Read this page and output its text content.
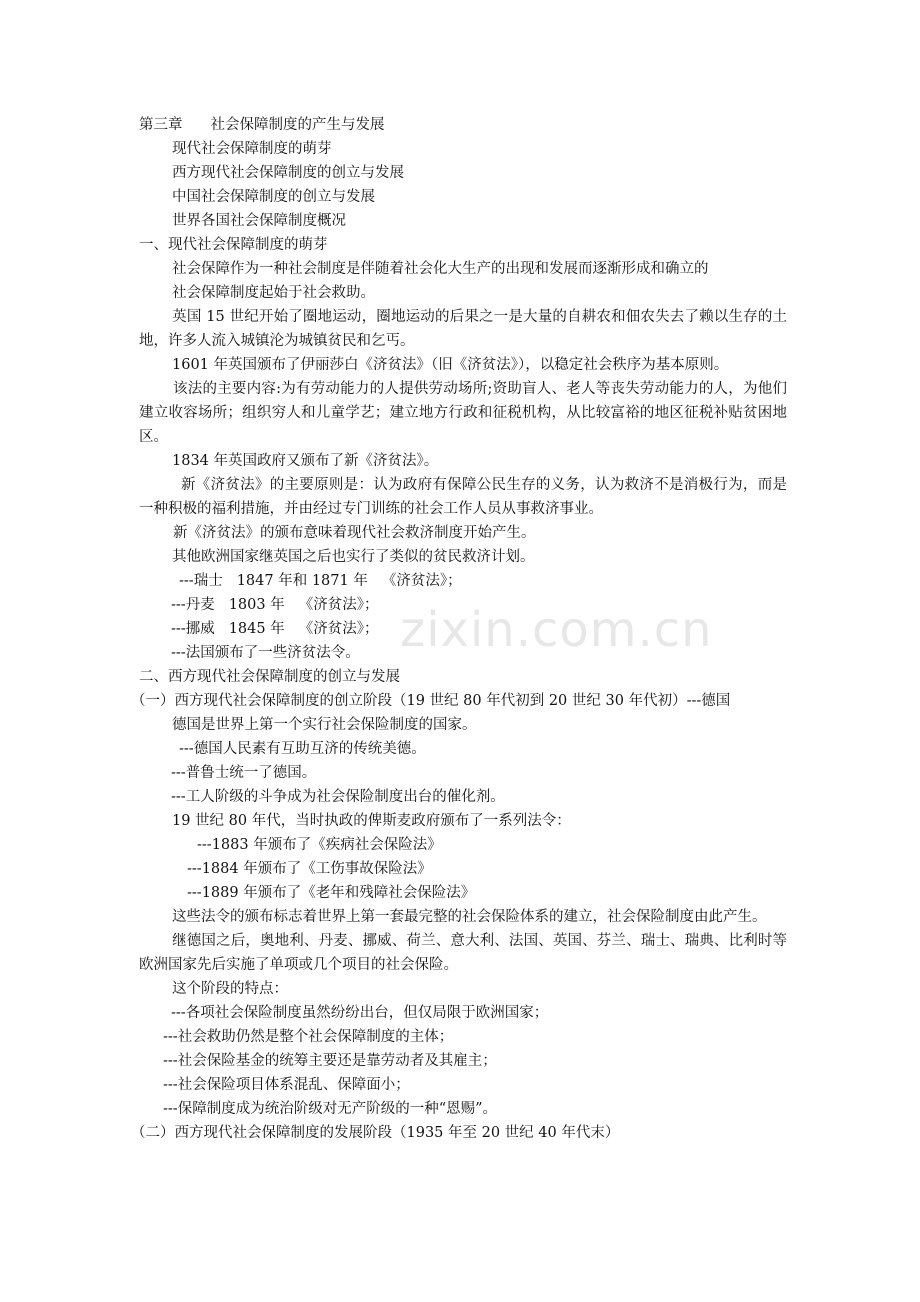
第三章 社会保障制度的产生与发展
现代社会保障制度的萌芽
西方现代社会保障制度的创立与发展
中国社会保障制度的创立与发展
世界各国社会保障制度概况
一、现代社会保障制度的萌芽
社会保障作为一种社会制度是伴随着社会化大生产的出现和发展而逐渐形成和确立的
社会保障制度起始于社会救助。
英国 15 世纪开始了圈地运动，圈地运动的后果之一是大量的自耕农和佃农失去了赖以生存的土地，许多人流入城镇沦为城镇贫民和乞丐。
1601 年英国颁布了伊丽莎白《济贫法》（旧《济贫法》），以稳定社会秩序为基本原则。
该法的主要内容:为有劳动能力的人提供劳动场所;资助盲人、老人等丧失劳动能力的人，为他们建立收容场所；组织穷人和儿童学艺；建立地方行政和征税机构，从比较富裕的地区征税补贴贫困地区。
1834 年英国政府又颁布了新《济贫法》。
新《济贫法》的主要原则是：认为政府有保障公民生存的义务，认为救济不是消极行为，而是一种积极的福利措施，并由经过专门训练的社会工作人员从事救济事业。
新《济贫法》的颁布意味着现代社会救济制度开始产生。
其他欧洲国家继英国之后也实行了类似的贫民救济计划。
---瑞士 1847 年和 1871 年 《济贫法》；
---丹麦 1803 年 《济贫法》；
---挪威 1845 年 《济贫法》；
---法国颁布了一些济贫法令。
二、西方现代社会保障制度的创立与发展
（一）西方现代社会保障制度的创立阶段（19 世纪 80 年代初到 20 世纪 30 年代初）---德国
德国是世界上第一个实行社会保险制度的国家。
---德国人民素有互助互济的传统美德。
---普鲁士统一了德国。
---工人阶级的斗争成为社会保险制度出台的催化剂。
19 世纪 80 年代，当时执政的俾斯麦政府颁布了一系列法令：
---1883 年颁布了《疾病社会保险法》
---1884 年颁布了《工伤事故保险法》
---1889 年颁布了《老年和残障社会保险法》
这些法令的颁布标志着世界上第一套最完整的社会保险体系的建立，社会保险制度由此产生。
继德国之后，奥地利、丹麦、挪威、荷兰、意大利、法国、英国、芬兰、瑞士、瑞典、比利时等欧洲国家先后实施了单项或几个项目的社会保险。
这个阶段的特点：
---各项社会保险制度虽然纷纷出台，但仅局限于欧洲国家；
---社会救助仍然是整个社会保障制度的主体；
---社会保险基金的统筹主要还是靠劳动者及其雇主；
---社会保险项目体系混乱、保障面小；
---保障制度成为统治阶级对无产阶级的一种“恩赐”。
（二）西方现代社会保障制度的发展阶段（1935 年至 20 世纪 40 年代末）
zixin.com.cn
